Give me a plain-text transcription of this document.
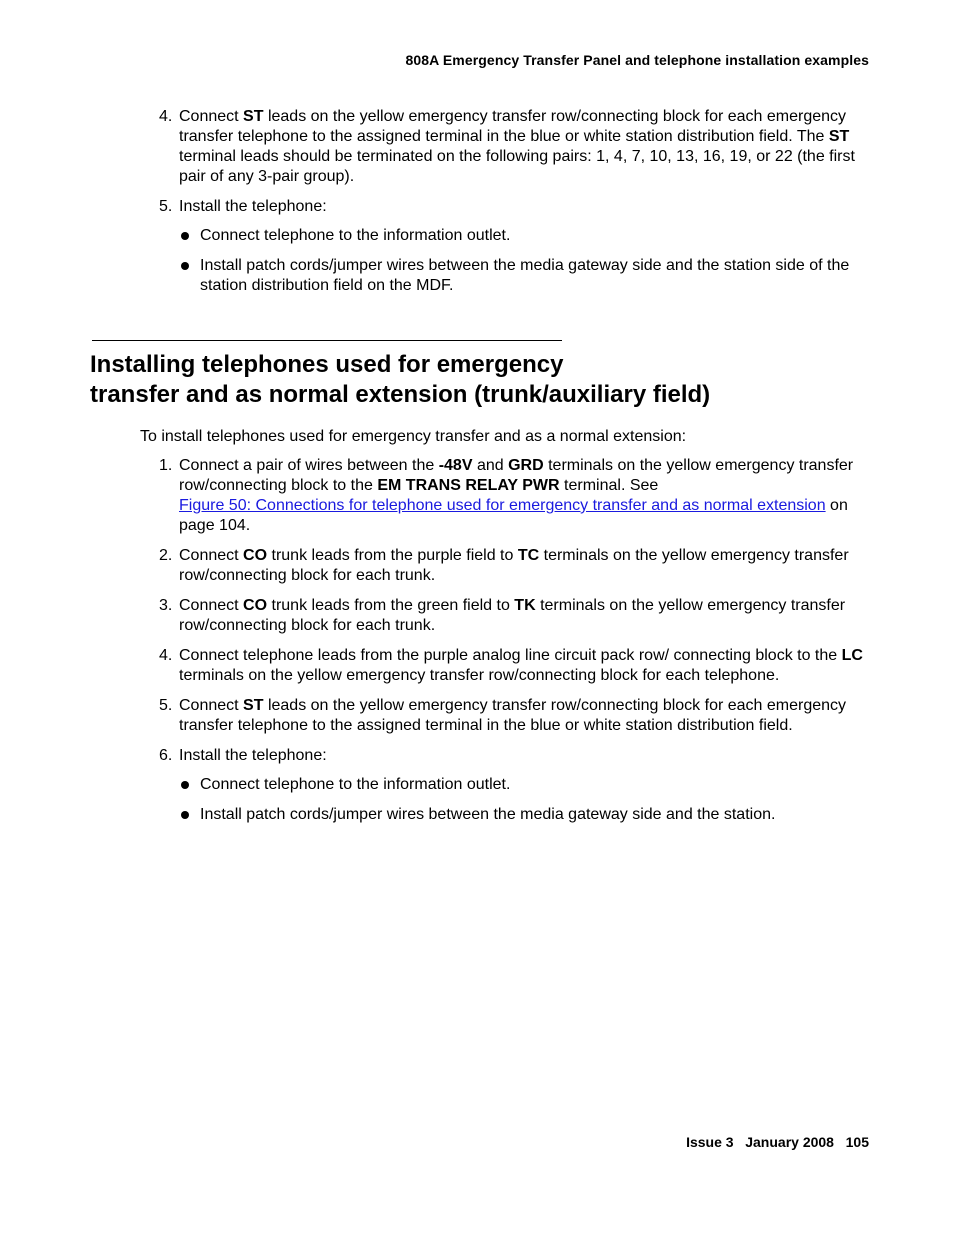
808A Emergency Transfer Panel and telephone installation examples
4. Connect ST leads on the yellow emergency transfer row/connecting block for each emergency transfer telephone to the assigned terminal in the blue or white station distribution field. The ST terminal leads should be terminated on the following pairs: 1, 4, 7, 10, 13, 16, 19, or 22 (the first pair of any 3-pair group).
5. Install the telephone:
Connect telephone to the information outlet.
Install patch cords/jumper wires between the media gateway side and the station side of the station distribution field on the MDF.
Installing telephones used for emergency
transfer and as normal extension (trunk/auxiliary field)

To install telephones used for emergency transfer and as a normal extension:

1. Connect a pair of wires between the -48V and GRD terminals on the yellow emergency transfer row/connecting block to the EM TRANS RELAY PWR terminal. See
Figure 50: Connections for telephone used for emergency transfer and as normal extension on page 104.
2. Connect CO trunk leads from the purple field to TC terminals on the yellow emergency transfer row/connecting block for each trunk.
3. Connect CO trunk leads from the green field to TK terminals on the yellow emergency transfer row/connecting block for each trunk.
4. Connect telephone leads from the purple analog line circuit pack row/ connecting block to the LC terminals on the yellow emergency transfer row/connecting block for each telephone.
5. Connect ST leads on the yellow emergency transfer row/connecting block for each emergency transfer telephone to the assigned terminal in the blue or white station distribution field.
6. Install the telephone:
Connect telephone to the information outlet.
Install patch cords/jumper wires between the media gateway side and the station.
Issue 3 January 2008 105
